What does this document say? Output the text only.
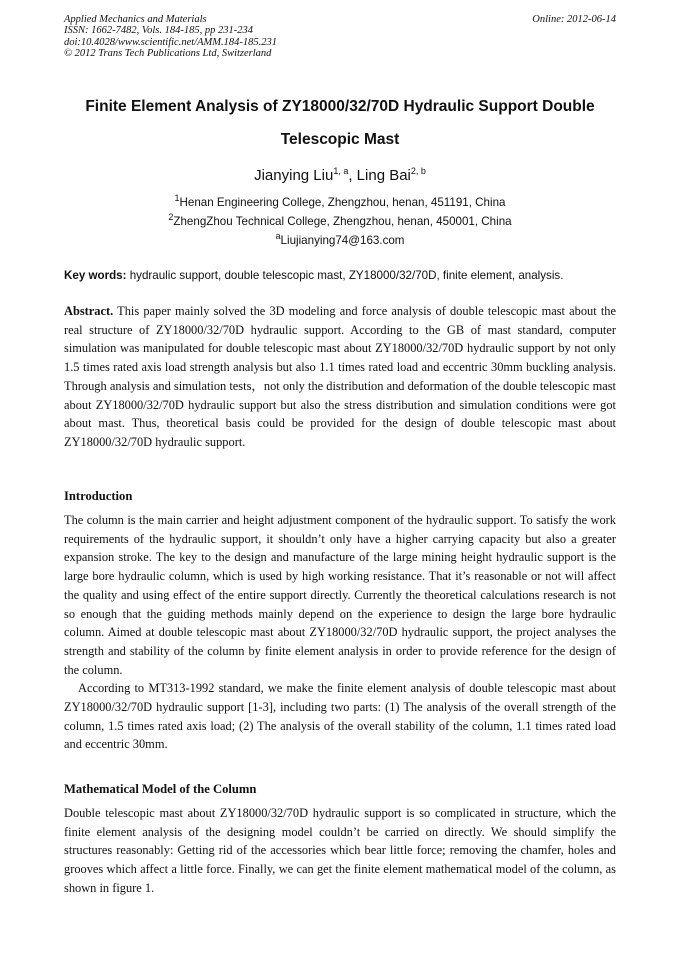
Applied Mechanics and Materials
ISSN: 1662-7482, Vols. 184-185, pp 231-234
doi:10.4028/www.scientific.net/AMM.184-185.231
© 2012 Trans Tech Publications Ltd, Switzerland
Online: 2012-06-14
Finite Element Analysis of ZY18000/32/70D Hydraulic Support Double
Telescopic Mast
Jianying Liu$^{1, a}$, Ling Bai$^{2, b}$
$^1$Henan Engineering College, Zhengzhou, henan, 451191, China
$^2$ZhengZhou Technical College, Zhengzhou, henan, 450001, China
$^a$Liujianying74@163.com
Key words: hydraulic support, double telescopic mast, ZY18000/32/70D, finite element, analysis.
Abstract. This paper mainly solved the 3D modeling and force analysis of double telescopic mast about the real structure of ZY18000/32/70D hydraulic support. According to the GB of mast standard, computer simulation was manipulated for double telescopic mast about ZY18000/32/70D hydraulic support by not only 1.5 times rated axis load strength analysis but also 1.1 times rated load and eccentric 30mm buckling analysis. Through analysis and simulation tests，not only the distribution and deformation of the double telescopic mast about ZY18000/32/70D hydraulic support but also the stress distribution and simulation conditions were got about mast. Thus, theoretical basis could be provided for the design of double telescopic mast about ZY18000/32/70D hydraulic support.
Introduction

The column is the main carrier and height adjustment component of the hydraulic support. To satisfy the work requirements of the hydraulic support, it shouldn’t only have a higher carrying capacity but also a greater expansion stroke. The key to the design and manufacture of the large mining height hydraulic support is the large bore hydraulic column, which is used by high working resistance. That it’s reasonable or not will affect the quality and using effect of the entire support directly. Currently the theoretical calculations research is not so enough that the guiding methods mainly depend on the experience to design the large bore hydraulic column. Aimed at double telescopic mast about ZY18000/32/70D hydraulic support, the project analyses the strength and stability of the column by finite element analysis in order to provide reference for the design of the column.

According to MT313-1992 standard, we make the finite element analysis of double telescopic mast about ZY18000/32/70D hydraulic support [1-3], including two parts: (1) The analysis of the overall strength of the column, 1.5 times rated axis load; (2) The analysis of the overall stability of the column, 1.1 times rated load and eccentric 30mm.

Mathematical Model of the Column

Double telescopic mast about ZY18000/32/70D hydraulic support is so complicated in structure, which the finite element analysis of the designing model couldn’t be carried on directly. We should simplify the structures reasonably: Getting rid of the accessories which bear little force; removing the chamfer, holes and grooves which affect a little force. Finally, we can get the finite element mathematical model of the column, as shown in figure 1.
